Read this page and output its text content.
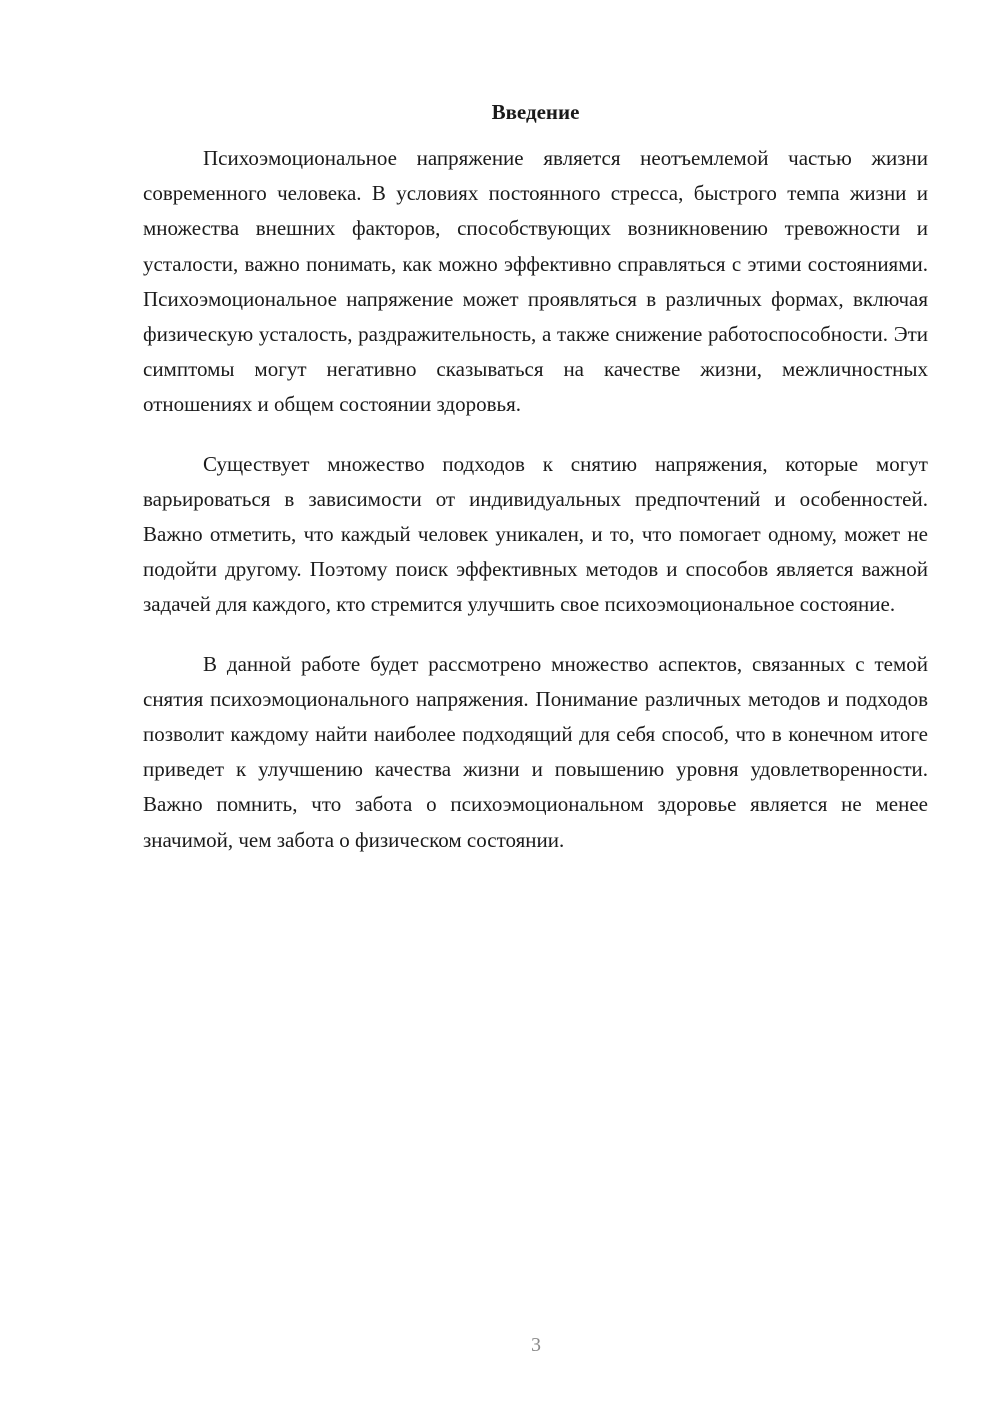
Введение

Психоэмоциональное напряжение является неотъемлемой частью жизни современного человека. В условиях постоянного стресса, быстрого темпа жизни и множества внешних факторов, способствующих возникновению тревожности и усталости, важно понимать, как можно эффективно справляться с этими состояниями. Психоэмоциональное напряжение может проявляться в различных формах, включая физическую усталость, раздражительность, а также снижение работоспособности. Эти симптомы могут негативно сказываться на качестве жизни, межличностных отношениях и общем состоянии здоровья.

Существует множество подходов к снятию напряжения, которые могут варьироваться в зависимости от индивидуальных предпочтений и особенностей. Важно отметить, что каждый человек уникален, и то, что помогает одному, может не подойти другому. Поэтому поиск эффективных методов и способов является важной задачей для каждого, кто стремится улучшить свое психоэмоциональное состояние.

В данной работе будет рассмотрено множество аспектов, связанных с темой снятия психоэмоционального напряжения. Понимание различных методов и подходов позволит каждому найти наиболее подходящий для себя способ, что в конечном итоге приведет к улучшению качества жизни и повышению уровня удовлетворенности. Важно помнить, что забота о психоэмоциональном здоровье является не менее значимой, чем забота о физическом состоянии.

3
